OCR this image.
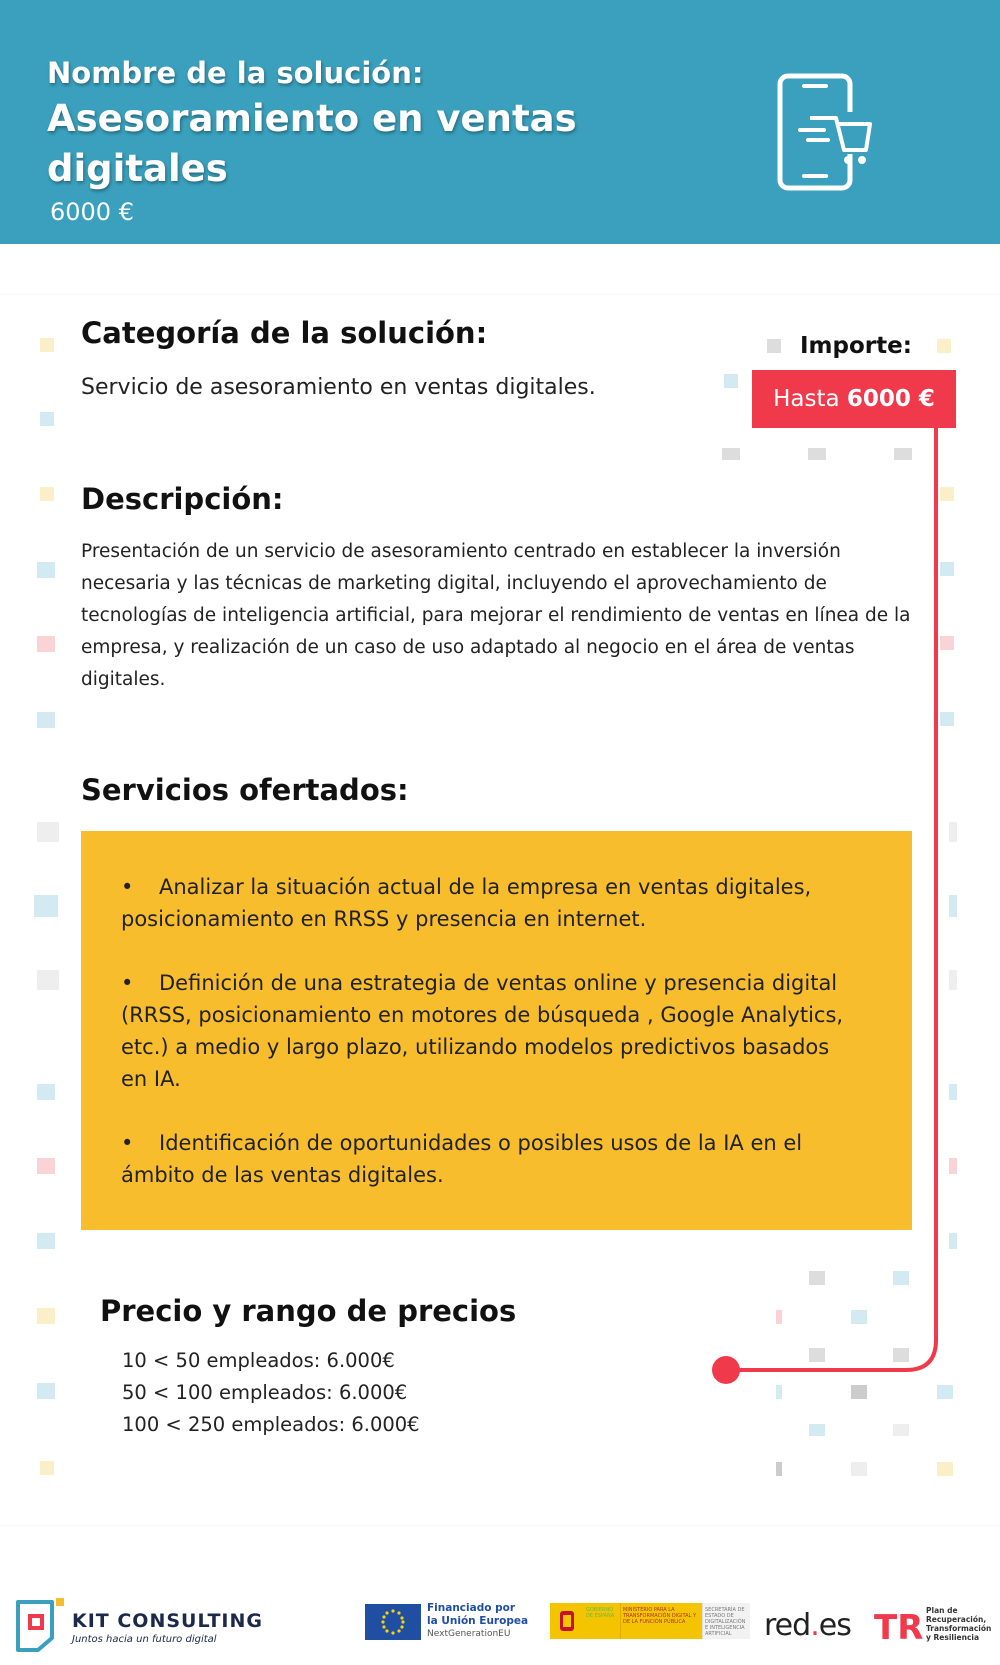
Nombre de la solución:
Asesoramiento en ventas digitales
6000 €
Categoría de la solución:
Servicio de asesoramiento en ventas digitales.
Importe:
Hasta 6000 €
Descripción:
Presentación de un servicio de asesoramiento centrado en establecer la inversión necesaria y las técnicas de marketing digital, incluyendo el aprovechamiento de tecnologías de inteligencia artificial, para mejorar el rendimiento de ventas en línea de la empresa, y realización de un caso de uso adaptado al negocio en el área de ventas digitales.
Servicios ofertados:
• Analizar la situación actual de la empresa en ventas digitales, posicionamiento en RRSS y presencia en internet.
• Definición de una estrategia de ventas online y presencia digital (RRSS, posicionamiento en motores de búsqueda , Google Analytics, etc.) a medio y largo plazo, utilizando modelos predictivos basados en IA.
• Identificación de oportunidades o posibles usos de la IA en el ámbito de las ventas digitales.
Precio y rango de precios
10 < 50 empleados: 6.000€
50 < 100 empleados: 6.000€
100 < 250 empleados: 6.000€
KIT CONSULTING
Juntos hacia un futuro digital
Financiado por
la Unión Europea
NextGenerationEU
GOBIERNO DE ESPAÑA
MINISTERIO PARA LA TRANSFORMACIÓN DIGITAL Y DE LA FUNCIÓN PÚBLICA
SECRETARÍA DE ESTADO DE DIGITALIZACIÓN E INTELIGENCIA ARTIFICIAL	red.es TR Plan de
Recuperación,
Transformación
y Resiliencia
